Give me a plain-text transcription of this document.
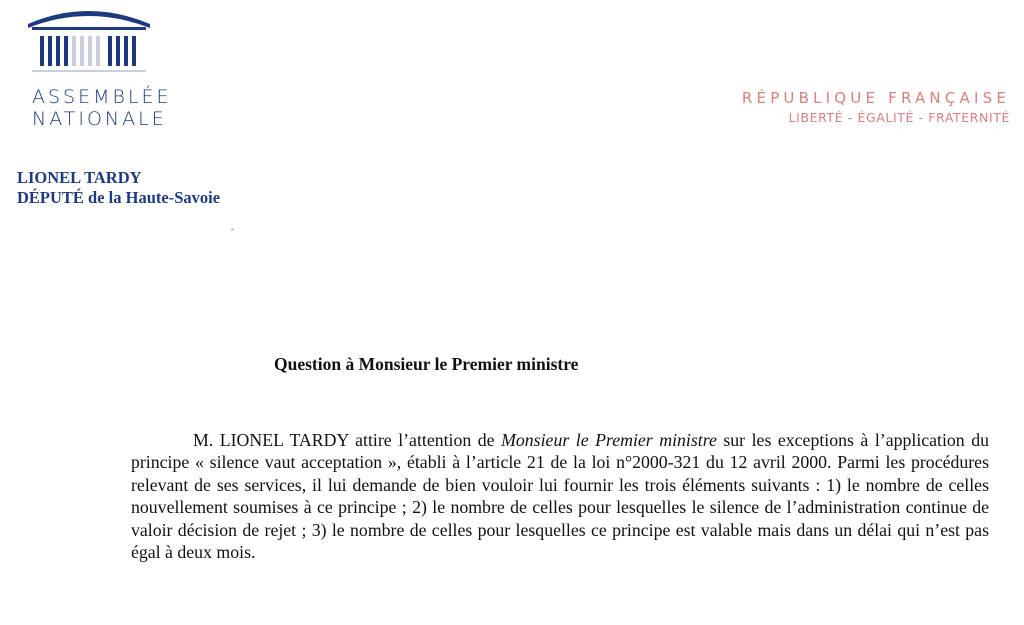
ASSEMBLÉE
NATIONALE
RÉPUBLIQUE FRANÇAISE
LIBERTÉ - ÉGALITÉ - FRATERNITÉ
LIONEL TARDY
DÉPUTÉ de la Haute-Savoie
Question à Monsieur le Premier ministre
M. LIONEL TARDY attire l’attention de Monsieur le Premier ministre sur les exceptions à l’application du principe « silence vaut acceptation », établi à l’article 21 de la loi n°2000-321 du 12 avril 2000. Parmi les procédures relevant de ses services, il lui demande de bien vouloir lui fournir les trois éléments suivants : 1) le nombre de celles nouvellement soumises à ce principe ; 2) le nombre de celles pour lesquelles le silence de l’administration continue de valoir décision de rejet ; 3) le nombre de celles pour lesquelles ce principe est valable mais dans un délai qui n’est pas égal à deux mois.
